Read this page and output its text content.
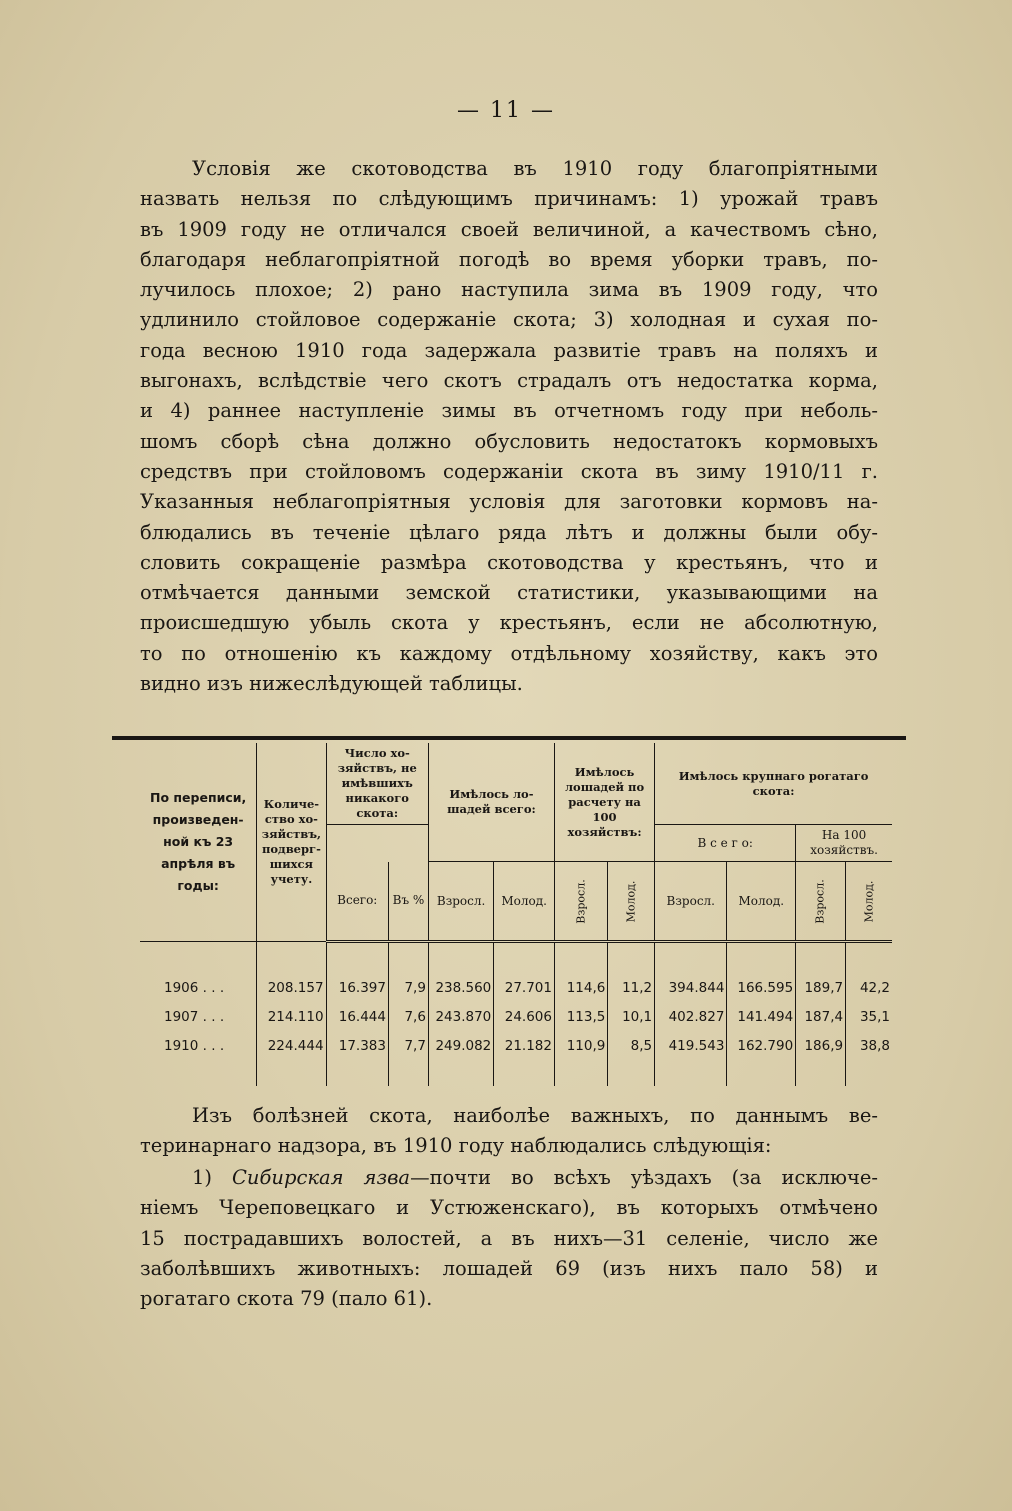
— 11 —
Условія же скотоводства въ 1910 году благопріятными
назвать нельзя по слѣдующимъ причинамъ: 1) урожай травъ
въ 1909 году не отличался своей величиной, а качествомъ сѣно,
благодаря неблагопріятной погодѣ во время уборки травъ, по-
лучилось плохое; 2) рано наступила зима въ 1909 году, что
удлинило стойловое содержаніе скота; 3) холодная и сухая по-
года весною 1910 года задержала развитіе травъ на поляхъ и
выгонахъ, вслѣдствіе чего скотъ страдалъ отъ недостатка корма,
и 4) раннее наступленіе зимы въ отчетномъ году при неболь-
шомъ сборѣ сѣна должно обусловить недостатокъ кормовыхъ
средствъ при стойловомъ содержаніи скота въ зиму 1910/11 г.
Указанныя неблагопріятныя условія для заготовки кормовъ на-
блюдались въ теченіе цѣлаго ряда лѣтъ и должны были обу-
словить сокращеніе размѣра скотоводства у крестьянъ, что и
отмѣчается данными земской статистики, указывающими на
происшедшую убыль скота у крестьянъ, если не абсолютную,
то по отношенію къ каждому отдѣльному хозяйству, какъ это
видно изъ нижеслѣдующей таблицы.
По переписи, произведен-ной къ 23 апрѣля въ годы:	Количе-ство хо-зяйствъ, подверг-шихся учету.	Число хо-зяйствъ, не имѣвшихъ никакого скота:		Имѣлось ло-шадей всего:		Имѣлось лошадей по расчету на 100 хозяйствъ:		Имѣлось крупнаго рогатаго скота:			
								В с е г о:		На 100 хозяйствъ.	
		Всего:	Въ %	Взросл.	Молод.	Взросл.	Молод.	Взросл.	Молод.	Взросл.	Молод.

1906 . . .	208.157	16.397	7,9	238.560	27.701	114,6	11,2	394.844	166.595	189,7	42,2
1907 . . .	214.110	16.444	7,6	243.870	24.606	113,5	10,1	402.827	141.494	187,4	35,1
1910 . . .	224.444	17.383	7,7	249.082	21.182	110,9	8,5	419.543	162.790	186,9	38,8

Изъ болѣзней скота, наиболѣе важныхъ, по даннымъ ве-
теринарнаго надзора, въ 1910 году наблюдались слѣдующія:
1) Сибирская язва—почти во всѣхъ уѣздахъ (за исключе-
ніемъ Череповецкаго и Устюженскаго), въ которыхъ отмѣчено
15 пострадавшихъ волостей, а въ нихъ—31 селеніе, число же
заболѣвшихъ животныхъ: лошадей 69 (изъ нихъ пало 58) и
рогатаго скота 79 (пало 61).
